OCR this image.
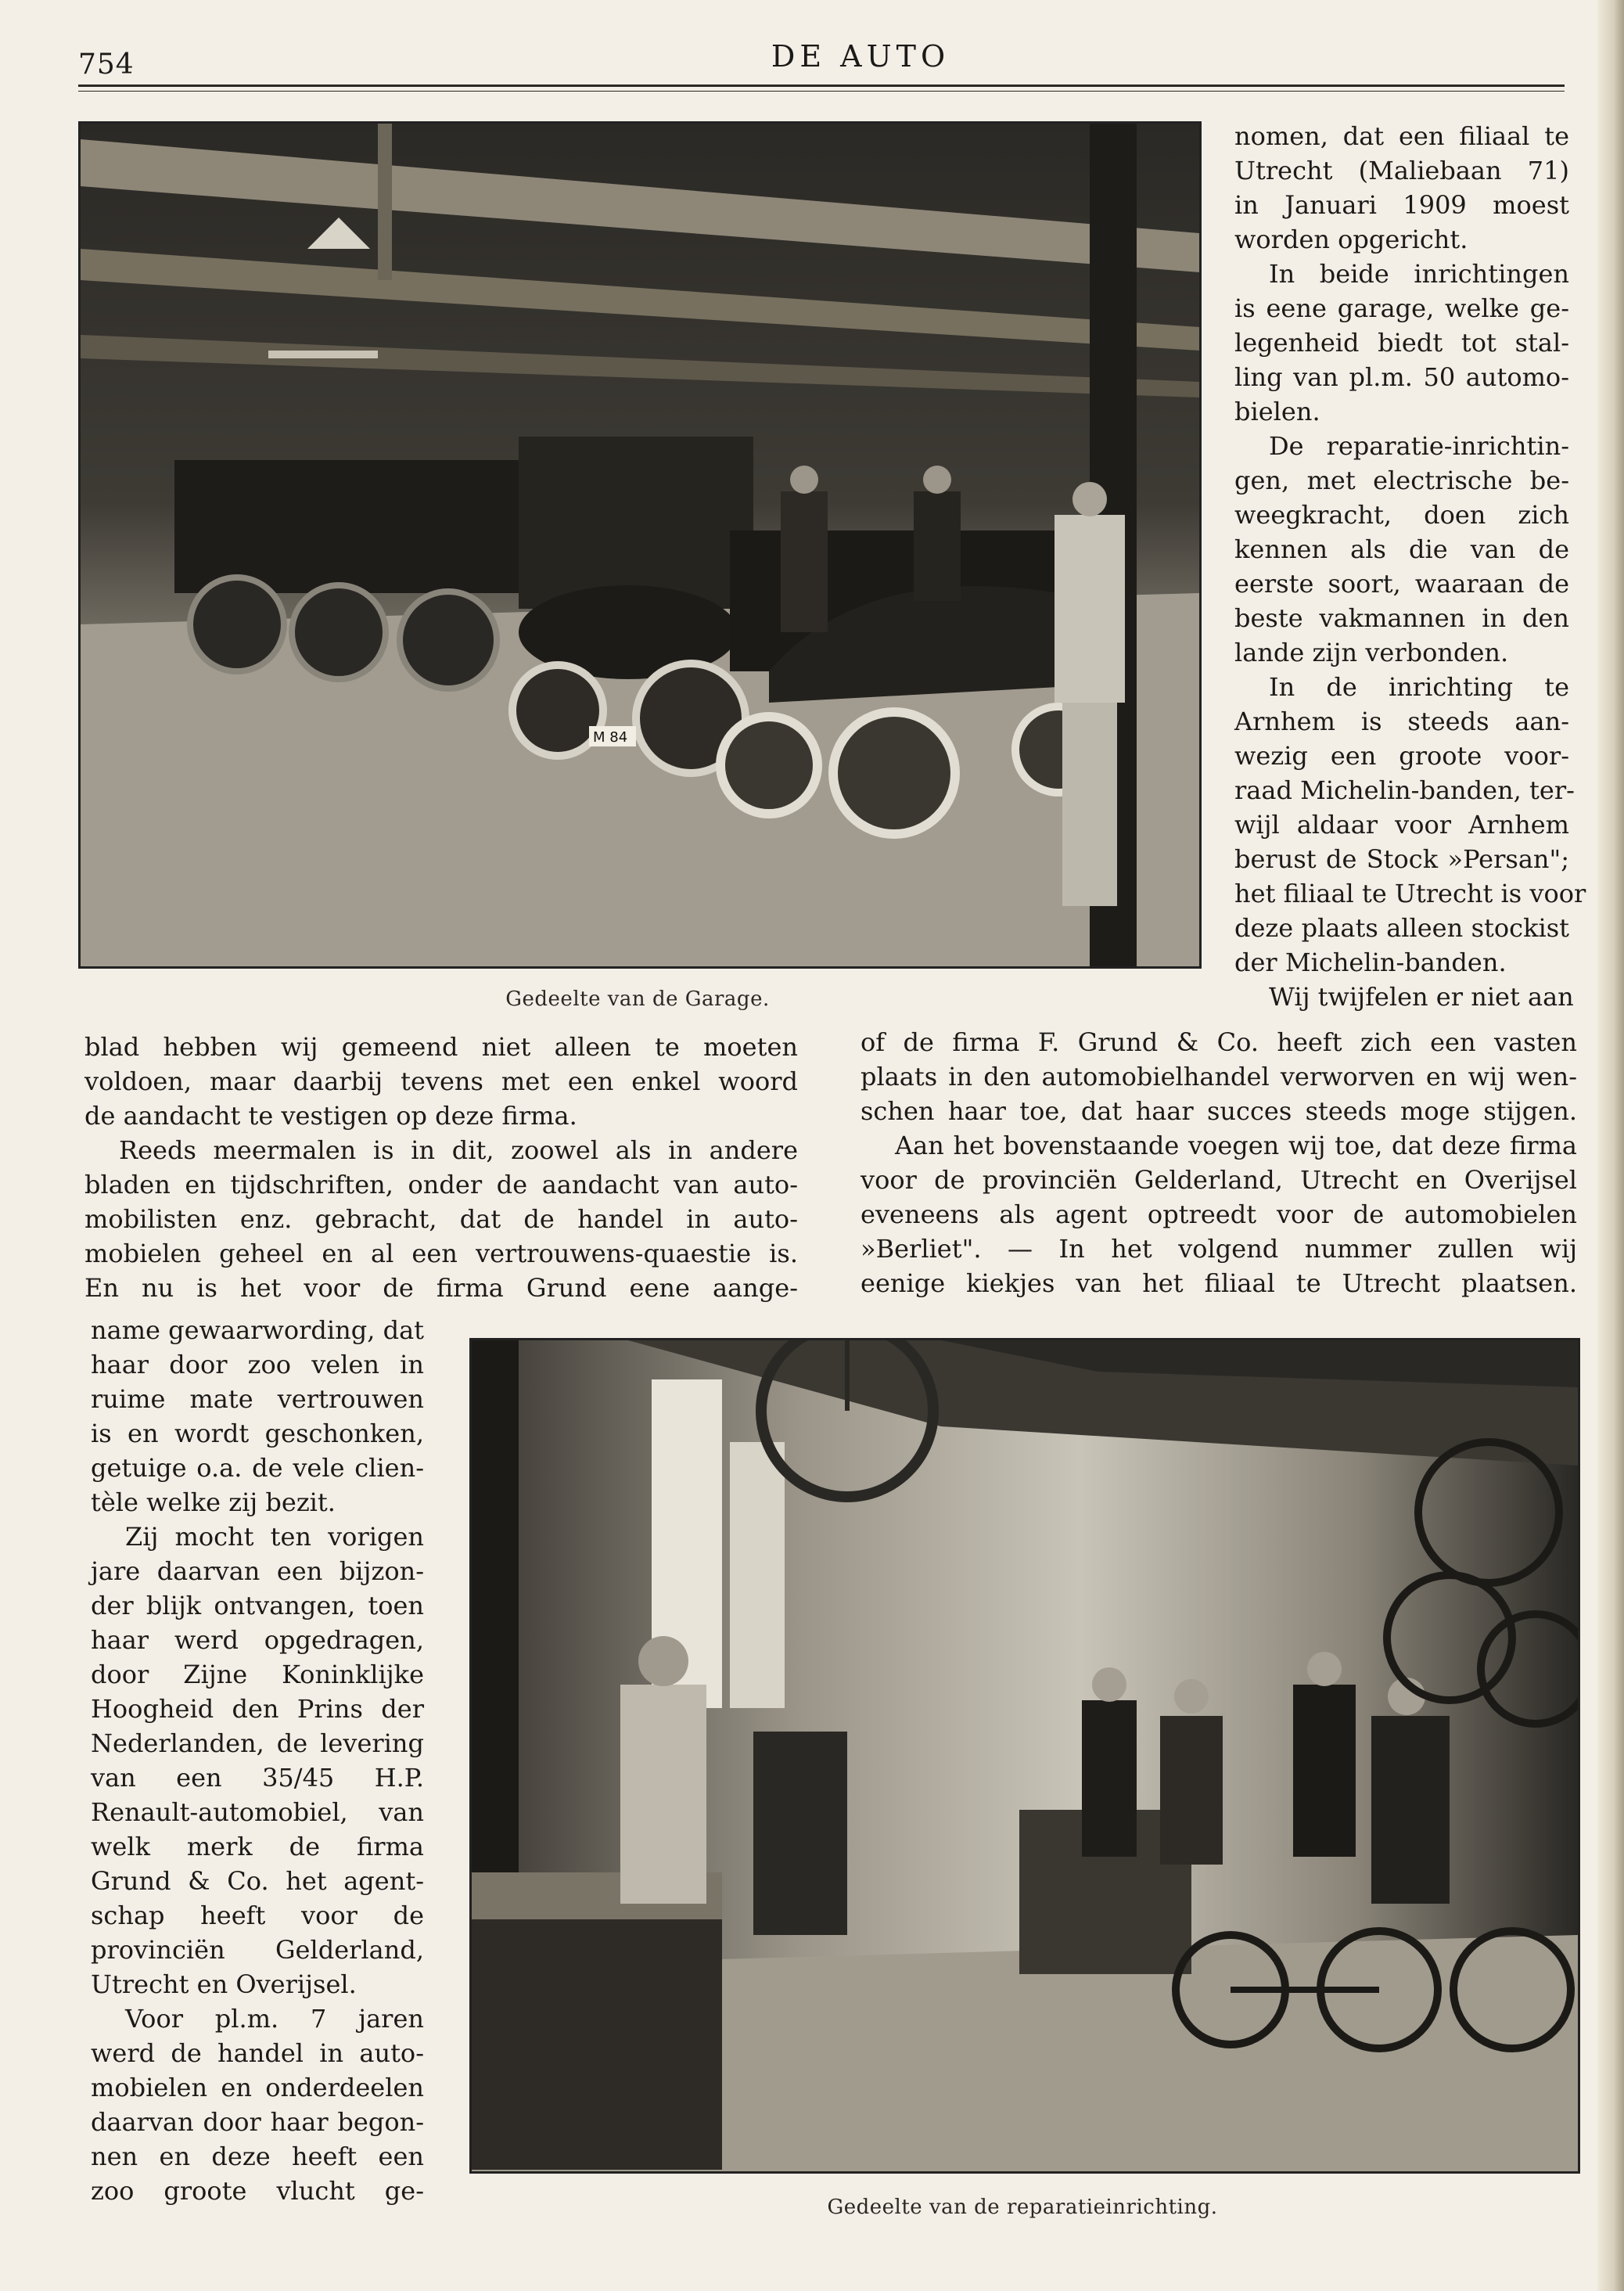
754	DE AUTO
M 84
Gedeelte van de Garage.
nomen, dat een filiaal te
Utrecht (Maliebaan 71)
in Januari 1909 moest
worden opgericht.
In beide inrichtingen
is eene garage, welke ge-
legenheid biedt tot stal-
ling van pl.m. 50 automo-
bielen.
De reparatie-inrichtin-
gen, met electrische be-
weegkracht, doen zich
kennen als die van de
eerste soort, waaraan de
beste vakmannen in den
lande zijn verbonden.
In de inrichting te
Arnhem is steeds aan-
wezig een groote voor-
raad Michelin-banden, ter-
wijl aldaar voor Arnhem
berust de Stock »Persan";
het filiaal te Utrecht is voor
deze plaats alleen stockist
der Michelin-banden.
Wij twijfelen er niet aan
blad hebben wij gemeend niet alleen te moeten
voldoen, maar daarbij tevens met een enkel woord
de aandacht te vestigen op deze firma.
Reeds meermalen is in dit, zoowel als in andere
bladen en tijdschriften, onder de aandacht van auto-
mobilisten enz. gebracht, dat de handel in auto-
mobielen geheel en al een vertrouwens-quaestie is.
En nu is het voor de firma Grund eene aange-
of de firma F. Grund & Co. heeft zich een vasten
plaats in den automobielhandel verworven en wij wen-
schen haar toe, dat haar succes steeds moge stijgen.
Aan het bovenstaande voegen wij toe, dat deze firma
voor de provinciën Gelderland, Utrecht en Overijsel
eveneens als agent optreedt voor de automobielen
»Berliet". — In het volgend nummer zullen wij
eenige kiekjes van het filiaal te Utrecht plaatsen.
name gewaarwording, dat
haar door zoo velen in
ruime mate vertrouwen
is en wordt geschonken,
getuige o.a. de vele clien-
tèle welke zij bezit.
Zij mocht ten vorigen
jare daarvan een bijzon-
der blijk ontvangen, toen
haar werd opgedragen,
door Zijne Koninklijke
Hoogheid den Prins der
Nederlanden, de levering
van een 35/45 H.P.
Renault-automobiel, van
welk merk de firma
Grund & Co. het agent-
schap heeft voor de
provinciën Gelderland,
Utrecht en Overijsel.
Voor pl.m. 7 jaren
werd de handel in auto-
mobielen en onderdeelen
daarvan door haar begon-
nen en deze heeft een
zoo groote vlucht ge-
Gedeelte van de reparatieinrichting.
